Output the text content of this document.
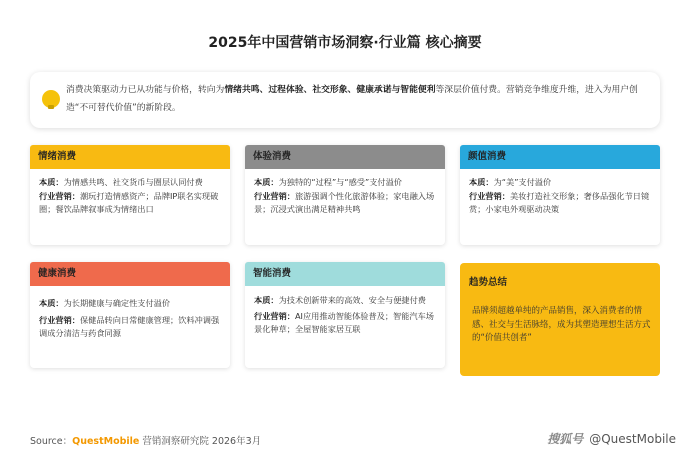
2025年中国营销市场洞察·行业篇 核心摘要
消费决策驱动力已从功能与价格，转向为情绪共鸣、过程体验、社交形象、健康承诺与智能便利等深层价值付费。营销竞争维度升维，进入为用户创造“不可替代价值”的新阶段。
情绪消费

本质：为情感共鸣、社交货币与圈层认同付费

行业营销：潮玩打造情感资产；品牌IP联名实现破圈；餐饮品牌叙事成为情绪出口

体验消费

本质：为独特的“过程”与“感受”支付溢价

行业营销：旅游强调个性化旅游体验；家电融入场景；沉浸式演出满足精神共鸣

颜值消费

本质：为“美”支付溢价

行业营销：美妆打造社交形象；奢侈品强化节日镜赏；小家电外观驱动决策

健康消费

本质：为长期健康与确定性支付溢价

行业营销：保健品转向日常健康管理；饮料冲调强调成分清洁与药食同源

智能消费

本质：为技术创新带来的高效、安全与便捷付费

行业营销：AI应用推动智能体验普及；智能汽车场景化种草；全屋智能家居互联

趋势总结
品牌须超越单纯的产品销售，深入消费者的情感、社交与生活脉络，成为其塑造理想生活方式的“价值共创者”
Source：QuestMobile 营销洞察研究院 2026年3月	搜狐号 @QuestMobile
